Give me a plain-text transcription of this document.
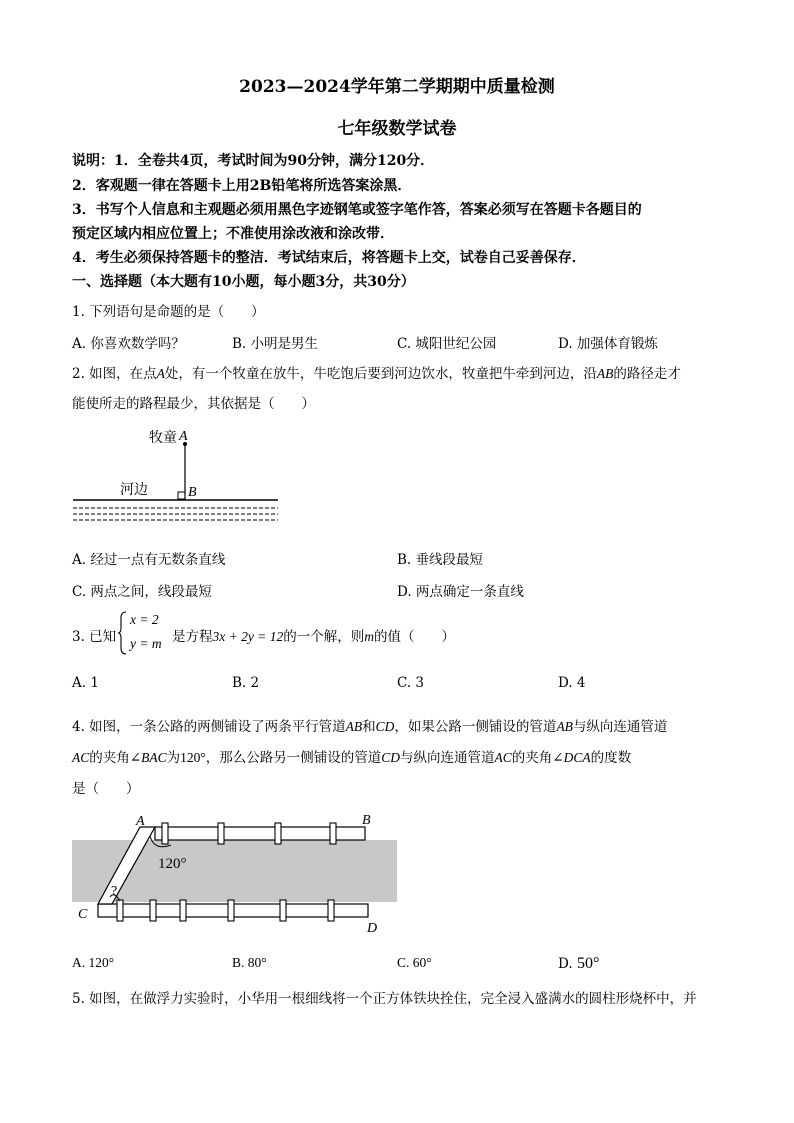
2023—2024学年第二学期期中质量检测
七年级数学试卷
说明：1．全卷共4页，考试时间为90分钟，满分120分．
2．客观题一律在答题卡上用2B铅笔将所选答案涂黑．
3．书写个人信息和主观题必须用黑色字迹钢笔或签字笔作答，答案必须写在答题卡各题目的
预定区域内相应位置上；不准使用涂改液和涂改带．
4．考生必须保持答题卡的整洁．考试结束后，将答题卡上交，试卷自己妥善保存．
一、选择题（本大题有10小题，每小题3分，共30分）
1. 下列语句是命题的是（　　）
A. 你喜欢数学吗？	B. 小明是男生	C. 城阳世纪公园	D. 加强体育锻炼
2. 如图，在点A处，有一个牧童在放牛，牛吃饱后要到河边饮水，牧童把牛牵到河边，沿AB的路径走才
能使所走的路程最少，其依据是（　　）
牧童 A
河边	B
A. 经过一点有无数条直线	B. 垂线段最短
C. 两点之间，线段最短	D. 两点确定一条直线
3. 已知
x = 2
y = m 是方程3x + 2y = 12的一个解，则m的值（　　）
A. 1	B. 2	C. 3	D. 4
4. 如图，一条公路的两侧铺设了两条平行管道AB和CD，如果公路一侧铺设的管道AB与纵向连通管道
AC的夹角∠BAC为120°，那么公路另一侧铺设的管道CD与纵向连通管道AC的夹角∠DCA的度数
是（　　）
A	B
C
D
120°
?
A. 120°	B. 80°	C. 60°	D. 50°
5. 如图，在做浮力实验时，小华用一根细线将一个正方体铁块拴住，完全浸入盛满水的圆柱形烧杯中，并
